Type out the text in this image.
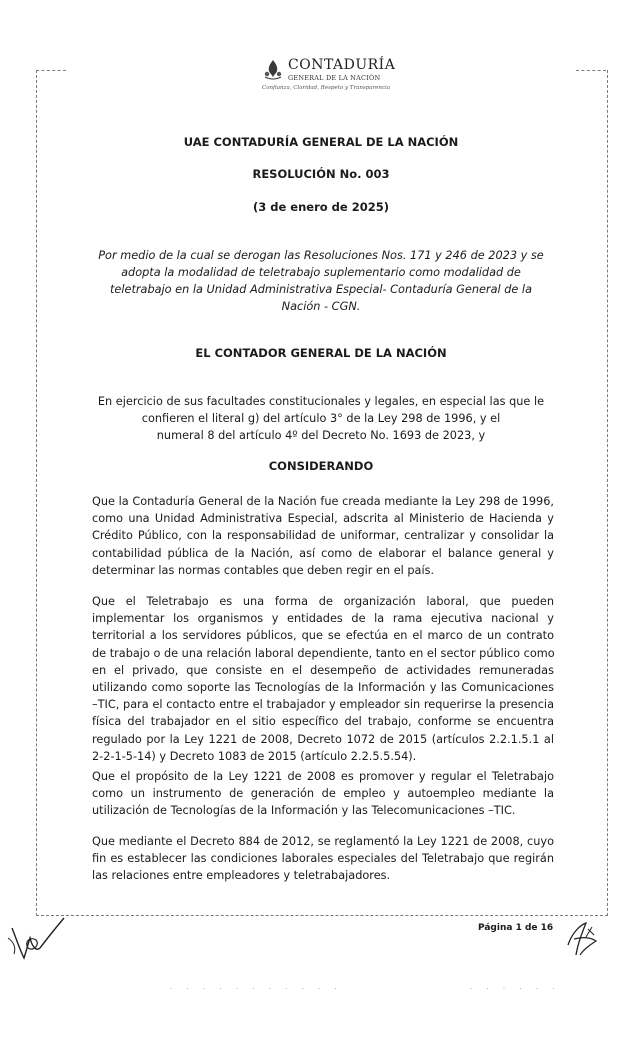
CONTADURÍA
GENERAL DE LA NACIÓN
Confianza, Claridad, Respeto y Transparencia
UAE CONTADURÍA GENERAL DE LA NACIÓN
RESOLUCIÓN No. 003
(3 de enero de 2025)
Por medio de la cual se derogan las Resoluciones Nos. 171 y 246 de 2023 y se
adopta la modalidad de teletrabajo suplementario como modalidad de
teletrabajo en la Unidad Administrativa Especial- Contaduría General de la
Nación - CGN.
EL CONTADOR GENERAL DE LA NACIÓN
En ejercicio de sus facultades constitucionales y legales, en especial las que le
confieren el literal g) del artículo 3° de la Ley 298 de 1996, y el
numeral 8 del artículo 4º del Decreto No. 1693 de 2023, y
CONSIDERANDO
Que la Contaduría General de la Nación fue creada mediante la Ley 298 de 1996,
como una Unidad Administrativa Especial, adscrita al Ministerio de Hacienda y
Crédito Público, con la responsabilidad de uniformar, centralizar y consolidar la
contabilidad pública de la Nación, así como de elaborar el balance general y
determinar las normas contables que deben regir en el país.
Que el Teletrabajo es una forma de organización laboral, que pueden
implementar los organismos y entidades de la rama ejecutiva nacional y
territorial a los servidores públicos, que se efectúa en el marco de un contrato
de trabajo o de una relación laboral dependiente, tanto en el sector público como
en el privado, que consiste en el desempeño de actividades remuneradas
utilizando como soporte las Tecnologías de la Información y las Comunicaciones
–TIC, para el contacto entre el trabajador y empleador sin requerirse la presencia
física del trabajador en el sitio específico del trabajo, conforme se encuentra
regulado por la Ley 1221 de 2008, Decreto 1072 de 2015 (artículos 2.2.1.5.1 al
2-2-1-5-14) y Decreto 1083 de 2015 (artículo 2.2.5.5.54).
Que el propósito de la Ley 1221 de 2008 es promover y regular el Teletrabajo
como un instrumento de generación de empleo y autoempleo mediante la
utilización de Tecnologías de la Información y las Telecomunicaciones –TIC.
Que mediante el Decreto 884 de 2012, se reglamentó la Ley 1221 de 2008, cuyo
fin es establecer las condiciones laborales especiales del Teletrabajo que regirán
las relaciones entre empleadores y teletrabajadores.
Página 1 de 16
· · · · · · · · · · ·	· · · · · ·
